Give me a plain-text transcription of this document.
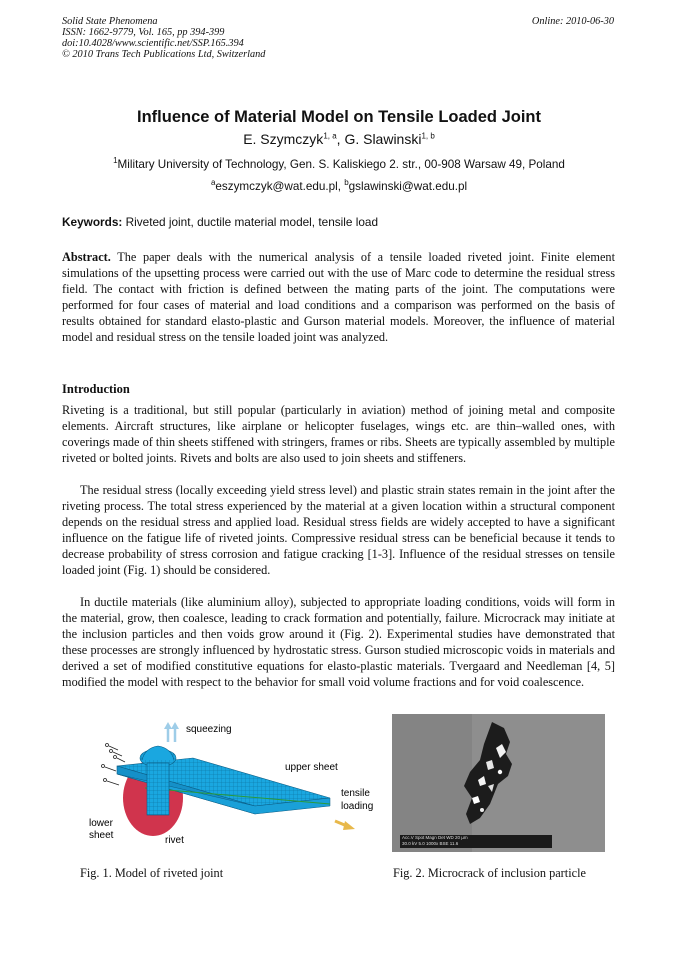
Solid State Phenomena
ISSN: 1662-9779, Vol. 165, pp 394-399
doi:10.4028/www.scientific.net/SSP.165.394
© 2010 Trans Tech Publications Ltd, Switzerland
Online: 2010-06-30
Influence of Material Model on Tensile Loaded Joint
E. Szymczyk$^{1, a}$, G. Slawinski$^{1, b}$
$^1$Military University of Technology, Gen. S. Kaliskiego 2. str., 00-908 Warsaw 49, Poland
$^a$eszymczyk@wat.edu.pl, $^b$gslawinski@wat.edu.pl
Keywords: Riveted joint, ductile material model, tensile load
Abstract. The paper deals with the numerical analysis of a tensile loaded riveted joint. Finite element simulations of the upsetting process were carried out with the use of Marc code to determine the residual stress field. The contact with friction is defined between the mating parts of the joint. The computations were performed for four cases of material and load conditions and a comparison was performed on the basis of results obtained for standard elasto-plastic and Gurson material models. Moreover, the influence of material model and residual stress on the tensile loaded joint was analyzed.
Introduction
Riveting is a traditional, but still popular (particularly in aviation) method of joining metal and composite elements. Aircraft structures, like airplane or helicopter fuselages, wings etc. are thin–walled ones, with coverings made of thin sheets stiffened with stringers, frames or ribs. Sheets are typically assembled by multiple riveted or bolted joints. Rivets and bolts are also used to join sheets and stiffeners.
The residual stress (locally exceeding yield stress level) and plastic strain states remain in the joint after the riveting process. The total stress experienced by the material at a given location within a structural component depends on the residual stress and applied load. Residual stress fields are widely accepted to have a significant influence on the fatigue life of riveted joints. Compressive residual stress can be beneficial because it tends to decrease probability of stress corrosion and fatigue cracking [1-3]. Influence of the residual stresses on tensile loaded joint (Fig. 1) should be considered.
In ductile materials (like aluminium alloy), subjected to appropriate loading conditions, voids will form in the material, grow, then coalesce, leading to crack formation and potentially, failure. Microcrack may initiate at the inclusion particles and then voids grow around it (Fig. 2). Experimental studies have demonstrated that these processes are strongly influenced by hydrostatic stress. Gurson studied microscopic voids in materials and derived a set of modified constitutive equations for elasto-plastic materials. Tvergaard and Needleman [4, 5] modified the model with respect to the behavior for small void volume fractions and for void coalescence.
squeezing
upper sheet
tensile
loading
lower
sheet	rivet
Fig. 1. Model of riveted joint
Acc.V Spot Magn Det WD 20 µm
30.0 kV 5.0 1000x BSE 11.6
Fig. 2. Microcrack of inclusion particle
